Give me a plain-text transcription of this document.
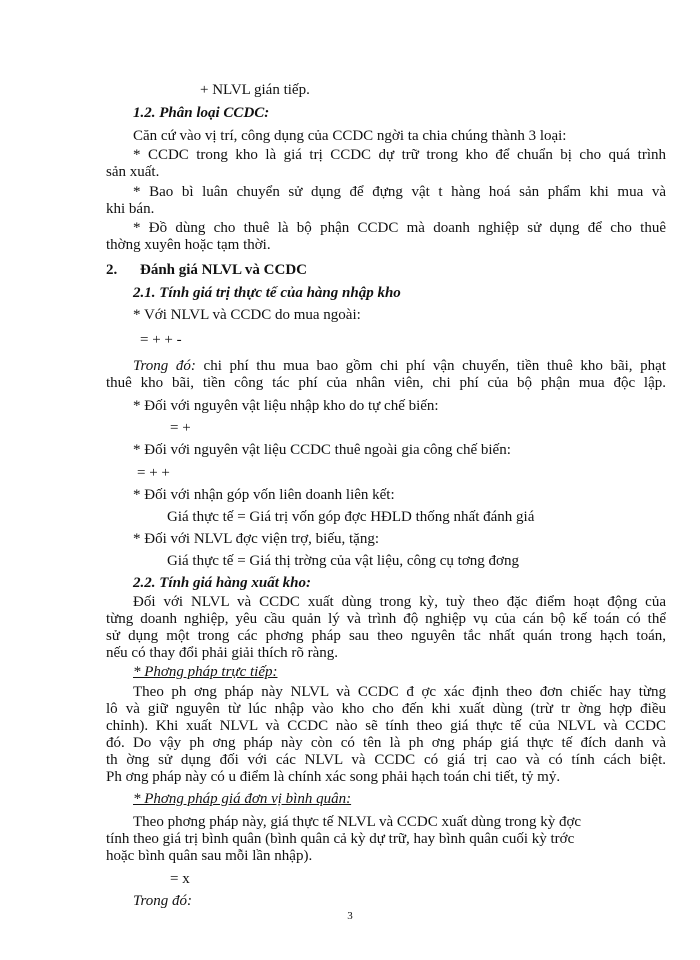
+ NLVL gián tiếp.
1.2. Phân loại CCDC:
Căn cứ vào vị trí, công dụng của CCDC ngời ta chia chúng thành 3 loại:
* CCDC trong kho là giá trị CCDC dự trữ trong kho để chuẩn bị cho quá trình
sản xuất.
* Bao bì luân chuyển sử dụng để đựng vật t hàng hoá sản phẩm khi mua và
khi bán.
* Đồ dùng cho thuê là bộ phận CCDC mà doanh nghiệp sử dụng để cho thuê
thờng xuyên hoặc tạm thời.
2. Đánh giá NLVL và CCDC
2.1. Tính giá trị thực tế của hàng nhập kho
* Với NLVL và CCDC do mua ngoài:
= + + -
Trong đó: chi phí thu mua bao gồm chi phí vận chuyển, tiền thuê kho bãi, phạt
thuê kho bãi, tiền công tác phí của nhân viên, chi phí của bộ phận mua độc lập.
* Đối với nguyên vật liệu nhập kho do tự chế biến:
= +
* Đối với nguyên vật liệu CCDC thuê ngoài gia công chế biến:
= + +
* Đối với nhận góp vốn liên doanh liên kết:
Giá thực tế = Giá trị vốn góp đợc HĐLD thống nhất đánh giá
* Đối với NLVL đợc viện trợ, biếu, tặng:
Giá thực tế = Giá thị trờng của vật liệu, công cụ tơng đơng
2.2. Tính giá hàng xuất kho:
Đối với NLVL và CCDC xuất dùng trong kỳ, tuỳ theo đặc điểm hoạt động của
từng doanh nghiệp, yêu cầu quản lý và trình độ nghiệp vụ của cán bộ kế toán có thể
sử dụng một trong các phơng pháp sau theo nguyên tắc nhất quán trong hạch toán,
nếu có thay đổi phải giải thích rõ ràng.
* Phơng pháp trực tiếp:
Theo ph ơng pháp này NLVL và CCDC đ ợc xác định theo đơn chiếc hay từng
lô và giữ nguyên từ lúc nhập vào kho cho đến khi xuất dùng (trừ tr ờng hợp điều
chỉnh). Khi xuất NLVL và CCDC nào sẽ tính theo giá thực tế của NLVL và CCDC
đó. Do vậy ph ơng pháp này còn có tên là ph ơng pháp giá thực tế đích danh và
th ờng sử dụng đối với các NLVL và CCDC có giá trị cao và có tính cách biệt.
Ph ơng pháp này có u điểm là chính xác song phải hạch toán chi tiết, tỷ mỷ.
* Phơng pháp giá đơn vị bình quân:
Theo phơng pháp này, giá thực tế NLVL và CCDC xuất dùng trong kỳ đợc
tính theo giá trị bình quân (bình quân cả kỳ dự trữ, hay bình quân cuối kỳ trớc
hoặc bình quân sau mỗi lần nhập).
= x
Trong đó:
3
